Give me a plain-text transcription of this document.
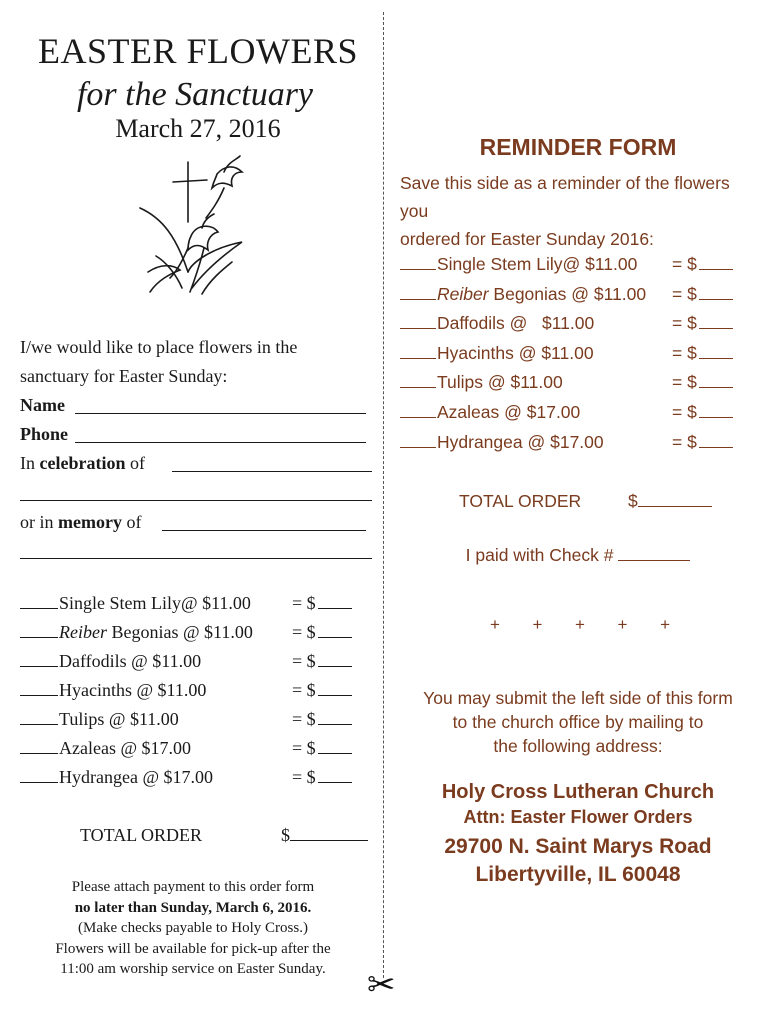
EASTER FLOWERS
for the Sanctuary
March 27, 2016
I/we would like to place flowers in the
sanctuary for Easter Sunday:
Name
Phone
In celebration of
or in memory of
Single Stem Lily@ $11.00 = $
Reiber Begonias @ $11.00 = $
Daffodils @ $11.00	= $
Hyacinths @ $11.00	= $
Tulips @ $11.00	= $
Azaleas @ $17.00	= $
Hydrangea @ $17.00	= $
TOTAL ORDER	$
Please attach payment to this order form
no later than Sunday, March 6, 2016.
(Make checks payable to Holy Cross.)
Flowers will be available for pick-up after the
11:00 am worship service on Easter Sunday.	✂
REMINDER FORM
Save this side as a reminder of the flowers you
ordered for Easter Sunday 2016:
Single Stem Lily@ $11.00 = $
Reiber Begonias @ $11.00 = $
Daffodils @   $11.00	= $
Hyacinths @ $11.00	= $
Tulips @ $11.00	= $
Azaleas @ $17.00	= $
Hydrangea @ $17.00	= $
TOTAL ORDER	$
I paid with Check #
+ + + + +
You may submit the left side of this form
to the church office by mailing to
the following address:
Holy Cross Lutheran Church
Attn: Easter Flower Orders
29700 N. Saint Marys Road
Libertyville, IL 60048
